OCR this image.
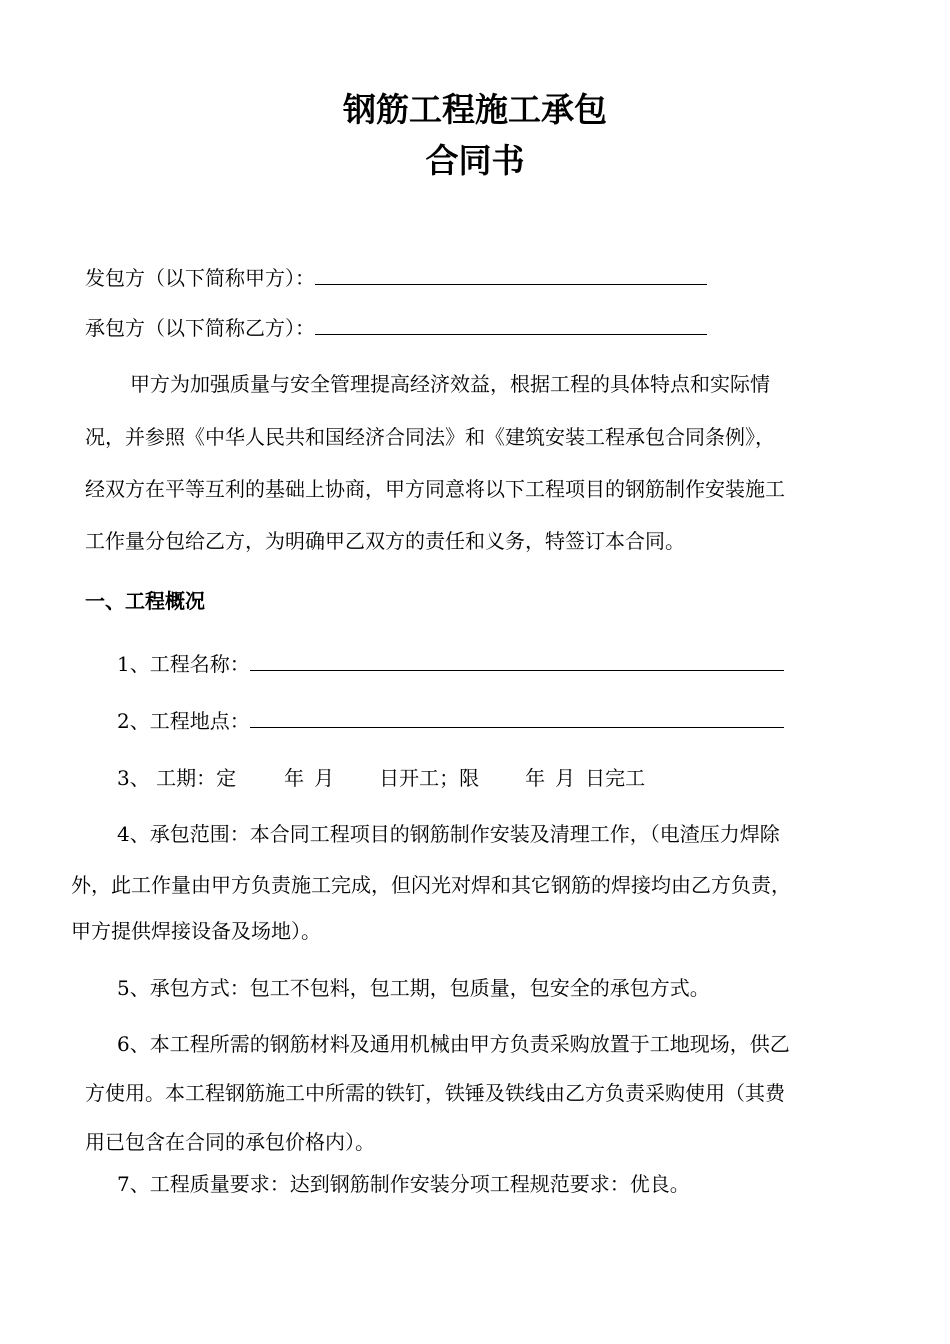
钢筋工程施工承包
合同书
发包方（以下简称甲方）：
承包方（以下简称乙方）：
甲方为加强质量与安全管理提高经济效益，根据工程的具体特点和实际情
况，并参照《中华人民共和国经济合同法》和《建筑安装工程承包合同条例》，
经双方在平等互利的基础上协商，甲方同意将以下工程项目的钢筋制作安装施工
工作量分包给乙方，为明确甲乙双方的责任和义务，特签订本合同。
一、工程概况
1、工程名称：
2、工程地点：
3、 工期：定 年 月 日开工；限 年 月 日完工
4、承包范围：本合同工程项目的钢筋制作安装及清理工作，（电渣压力焊除
外，此工作量由甲方负责施工完成，但闪光对焊和其它钢筋的焊接均由乙方负责，
甲方提供焊接设备及场地）。
5、承包方式：包工不包料，包工期，包质量，包安全的承包方式。
6、本工程所需的钢筋材料及通用机械由甲方负责采购放置于工地现场，供乙
方使用。本工程钢筋施工中所需的铁钉，铁锤及铁线由乙方负责采购使用（其费
用已包含在合同的承包价格内）。
7、工程质量要求：达到钢筋制作安装分项工程规范要求：优良。
